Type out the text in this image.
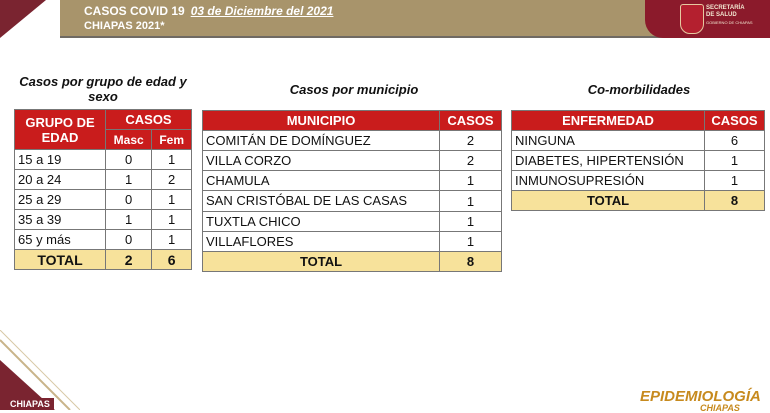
CASOS COVID 19 03 de Diciembre del 2021
CHIAPAS 2021*
SECRETARÍA
DE SALUD
GOBIERNO DE CHIAPAS
Casos por grupo de edad y sexo	Casos por municipio	Co-morbilidades
GRUPO DE EDAD	CASOS	
	Masc	Fem
15 a 19	0	1
20 a 24	1	2
25 a 29	0	1
35 a 39	1	1
65 y más	0	1
TOTAL	2	6
MUNICIPIO	CASOS
COMITÁN DE DOMÍNGUEZ	2
VILLA CORZO	2
CHAMULA	1
SAN CRISTÓBAL DE LAS CASAS	1
TUXTLA CHICO	1
VILLAFLORES	1
TOTAL	8
ENFERMEDAD	CASOS
NINGUNA	6
DIABETES, HIPERTENSIÓN	1
INMUNOSUPRESIÓN	1
TOTAL	8
CHIAPAS	EPIDEMIOLOGÍA
CHIAPAS
